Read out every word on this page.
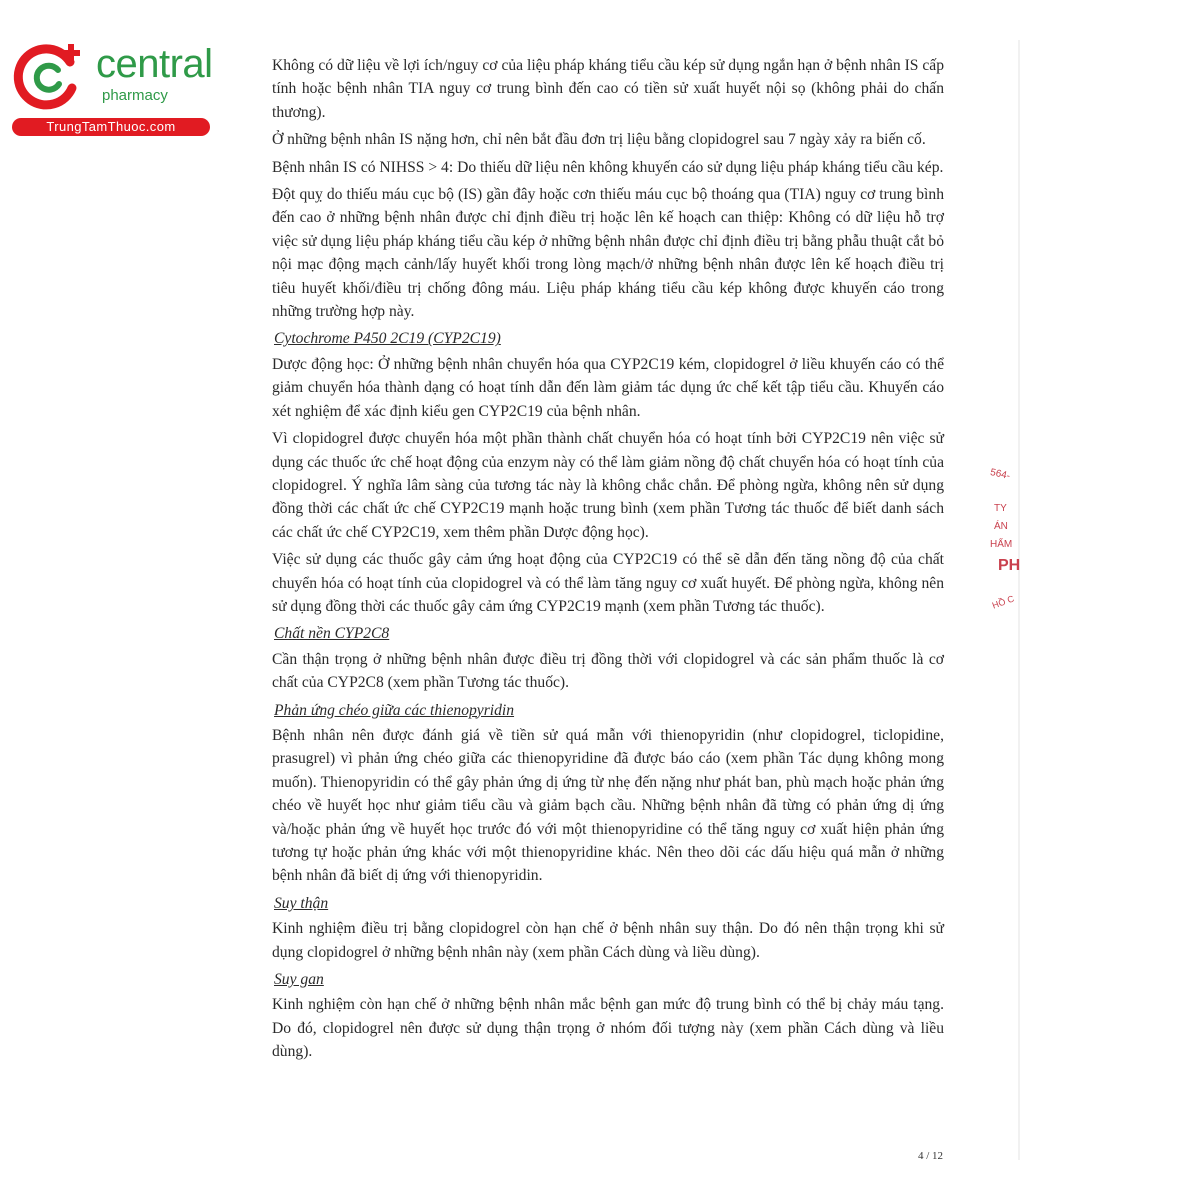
central
pharmacy
TrungTamThuoc.com
564-
TY
ÁN
HẨM
PH
HỒ C

Không có dữ liệu về lợi ích/nguy cơ của liệu pháp kháng tiểu cầu kép sử dụng ngắn hạn ở bệnh nhân IS cấp tính hoặc bệnh nhân TIA nguy cơ trung bình đến cao có tiền sử xuất huyết nội sọ (không phải do chấn thương).

Ở những bệnh nhân IS nặng hơn, chỉ nên bắt đầu đơn trị liệu bằng clopidogrel sau 7 ngày xảy ra biến cố.

Bệnh nhân IS có NIHSS > 4: Do thiếu dữ liệu nên không khuyến cáo sử dụng liệu pháp kháng tiểu cầu kép.

Đột quỵ do thiếu máu cục bộ (IS) gần đây hoặc cơn thiếu máu cục bộ thoáng qua (TIA) nguy cơ trung bình đến cao ở những bệnh nhân được chỉ định điều trị hoặc lên kế hoạch can thiệp: Không có dữ liệu hỗ trợ việc sử dụng liệu pháp kháng tiểu cầu kép ở những bệnh nhân được chỉ định điều trị bằng phẫu thuật cắt bỏ nội mạc động mạch cảnh/lấy huyết khối trong lòng mạch/ở những bệnh nhân được lên kế hoạch điều trị tiêu huyết khối/điều trị chống đông máu. Liệu pháp kháng tiểu cầu kép không được khuyến cáo trong những trường hợp này.

Cytochrome P450 2C19 (CYP2C19)

Dược động học: Ở những bệnh nhân chuyển hóa qua CYP2C19 kém, clopidogrel ở liều khuyến cáo có thể giảm chuyển hóa thành dạng có hoạt tính dẫn đến làm giảm tác dụng ức chế kết tập tiểu cầu. Khuyến cáo xét nghiệm để xác định kiểu gen CYP2C19 của bệnh nhân.

Vì clopidogrel được chuyển hóa một phần thành chất chuyển hóa có hoạt tính bởi CYP2C19 nên việc sử dụng các thuốc ức chế hoạt động của enzym này có thể làm giảm nồng độ chất chuyển hóa có hoạt tính của clopidogrel. Ý nghĩa lâm sàng của tương tác này là không chắc chắn. Để phòng ngừa, không nên sử dụng đồng thời các chất ức chế CYP2C19 mạnh hoặc trung bình (xem phần Tương tác thuốc để biết danh sách các chất ức chế CYP2C19, xem thêm phần Dược động học).

Việc sử dụng các thuốc gây cảm ứng hoạt động của CYP2C19 có thể sẽ dẫn đến tăng nồng độ của chất chuyển hóa có hoạt tính của clopidogrel và có thể làm tăng nguy cơ xuất huyết. Để phòng ngừa, không nên sử dụng đồng thời các thuốc gây cảm ứng CYP2C19 mạnh (xem phần Tương tác thuốc).

Chất nền CYP2C8

Cần thận trọng ở những bệnh nhân được điều trị đồng thời với clopidogrel và các sản phẩm thuốc là cơ chất của CYP2C8 (xem phần Tương tác thuốc).

Phản ứng chéo giữa các thienopyridin

Bệnh nhân nên được đánh giá về tiền sử quá mẫn với thienopyridin (như clopidogrel, ticlopidine, prasugrel) vì phản ứng chéo giữa các thienopyridine đã được báo cáo (xem phần Tác dụng không mong muốn). Thienopyridin có thể gây phản ứng dị ứng từ nhẹ đến nặng như phát ban, phù mạch hoặc phản ứng chéo về huyết học như giảm tiểu cầu và giảm bạch cầu. Những bệnh nhân đã từng có phản ứng dị ứng và/hoặc phản ứng về huyết học trước đó với một thienopyridine có thể tăng nguy cơ xuất hiện phản ứng tương tự hoặc phản ứng khác với một thienopyridine khác. Nên theo dõi các dấu hiệu quá mẫn ở những bệnh nhân đã biết dị ứng với thienopyridin.

Suy thận

Kinh nghiệm điều trị bằng clopidogrel còn hạn chế ở bệnh nhân suy thận. Do đó nên thận trọng khi sử dụng clopidogrel ở những bệnh nhân này (xem phần Cách dùng và liều dùng).

Suy gan

Kinh nghiệm còn hạn chế ở những bệnh nhân mắc bệnh gan mức độ trung bình có thể bị chảy máu tạng. Do đó, clopidogrel nên được sử dụng thận trọng ở nhóm đối tượng này (xem phần Cách dùng và liều dùng).

4 / 12
